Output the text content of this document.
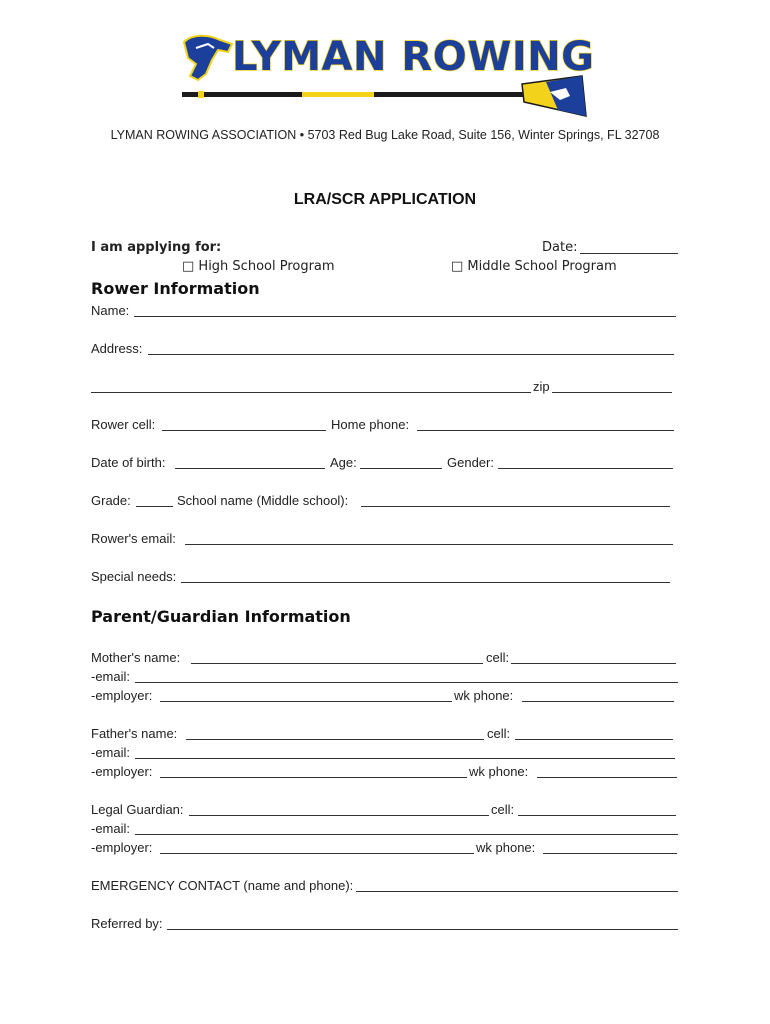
LYMAN ROWING
LYMAN ROWING ASSOCIATION • 5703 Red Bug Lake Road, Suite 156, Winter Springs, FL 32708
LRA/SCR APPLICATION
I am applying for:	Date:
□ High School Program	□ Middle School Program
Rower Information
Name:
Address:
zip
Rower cell:	Home phone:
Date of birth:	Age:	Gender:
Grade:	School name (Middle school):
Rower's email:
Special needs:
Parent/Guardian Information
Mother's name:	cell:
-email:
-employer:	wk phone:
Father's name:	cell:
-email:
-employer:	wk phone:
Legal Guardian:	cell:
-email:
-employer:	wk phone:
EMERGENCY CONTACT (name and phone):
Referred by:
